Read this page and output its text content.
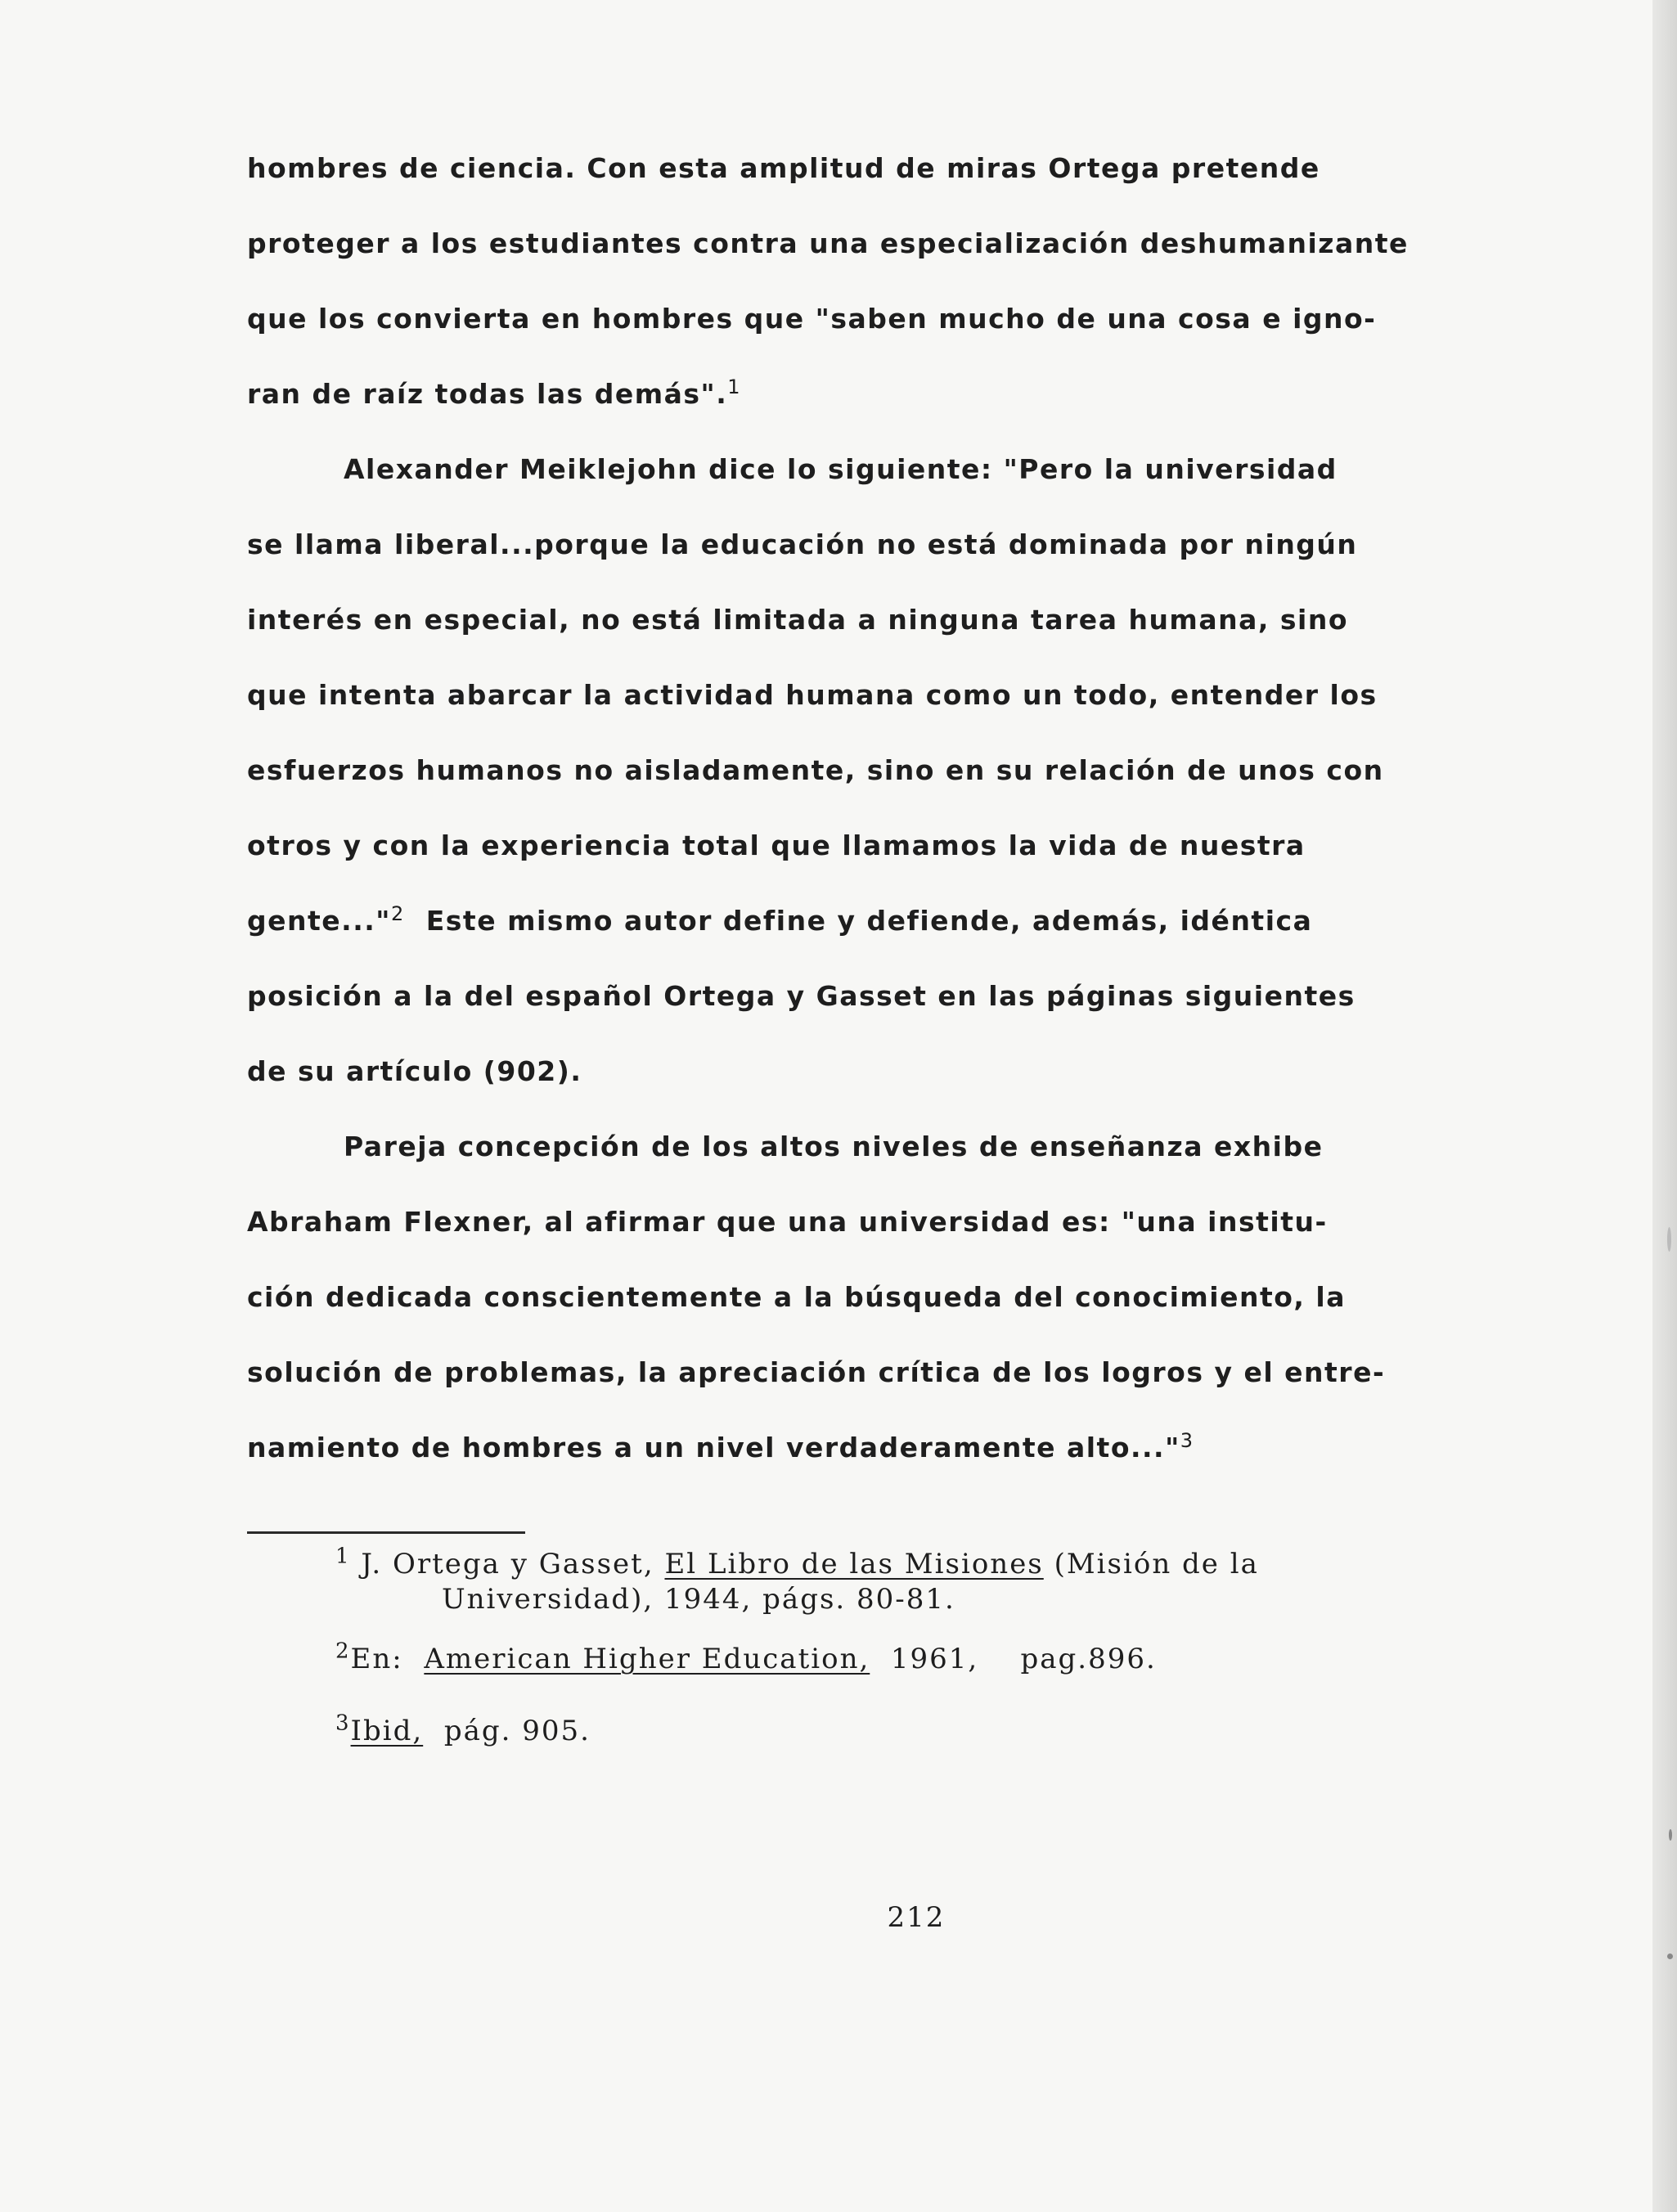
hombres de ciencia. Con esta amplitud de miras Ortega pretende
proteger a los estudiantes contra una especialización deshumanizante
que los convierta en hombres que "saben mucho de una cosa e igno-
ran de raíz todas las demás".$^1$
Alexander Meiklejohn dice lo siguiente: "Pero la universidad
se llama liberal...porque la educación no está dominada por ningún
interés en especial, no está limitada a ninguna tarea humana, sino
que intenta abarcar la actividad humana como un todo, entender los
esfuerzos humanos no aisladamente, sino en su relación de unos con
otros y con la experiencia total que llamamos la vida de nuestra
gente..."$^2$ Este mismo autor define y defiende, además, idéntica
posición a la del español Ortega y Gasset en las páginas siguientes
de su artículo (902).
Pareja concepción de los altos niveles de enseñanza exhibe
Abraham Flexner, al afirmar que una universidad es: "una institu-
ción dedicada conscientemente a la búsqueda del conocimiento, la
solución de problemas, la apreciación crítica de los logros y el entre-
namiento de hombres a un nivel verdaderamente alto..."$^3$
$^1$ J. Ortega y Gasset, El Libro de las Misiones (Misión de la
Universidad), 1944, págs. 80-81.
$^2$En: American Higher Education, 1961,    pag.896.
$^3$Ibid, pág. 905.
212
